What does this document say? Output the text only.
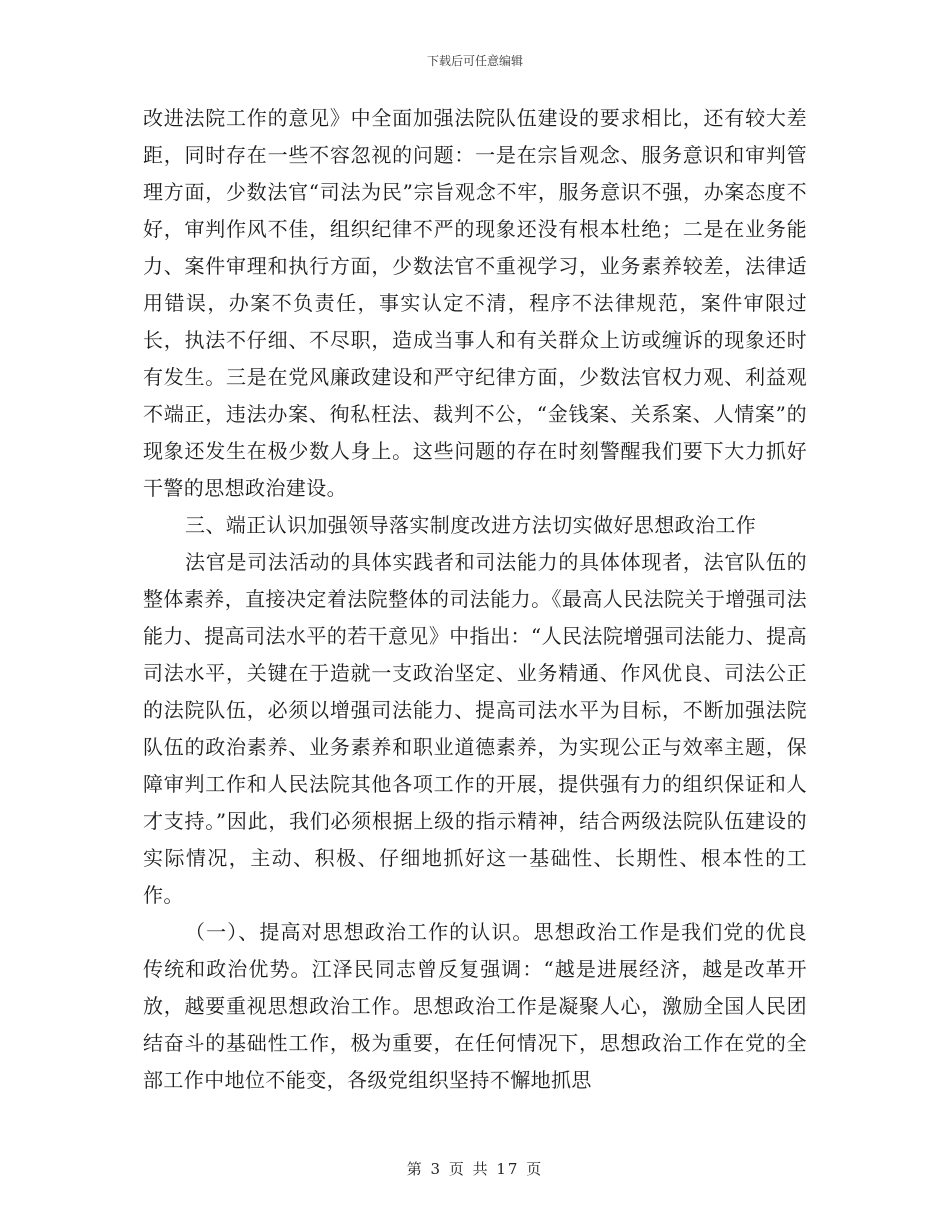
下载后可任意编辑

改进法院工作的意见》中全面加强法院队伍建设的要求相比，还有较大差距，同时存在一些不容忽视的问题：一是在宗旨观念、服务意识和审判管理方面，少数法官“司法为民”宗旨观念不牢，服务意识不强，办案态度不好，审判作风不佳，组织纪律不严的现象还没有根本杜绝；二是在业务能力、案件审理和执行方面，少数法官不重视学习，业务素养较差，法律适用错误，办案不负责任，事实认定不清，程序不法律规范，案件审限过长，执法不仔细、不尽职，造成当事人和有关群众上访或缠诉的现象还时有发生。三是在党风廉政建设和严守纪律方面，少数法官权力观、利益观不端正，违法办案、徇私枉法、裁判不公，“金钱案、关系案、人情案”的现象还发生在极少数人身上。这些问题的存在时刻警醒我们要下大力抓好干警的思想政治建设。

三、端正认识加强领导落实制度改进方法切实做好思想政治工作

法官是司法活动的具体实践者和司法能力的具体体现者，法官队伍的整体素养，直接决定着法院整体的司法能力。《最高人民法院关于增强司法能力、提高司法水平的若干意见》中指出：“人民法院增强司法能力、提高司法水平，关键在于造就一支政治坚定、业务精通、作风优良、司法公正的法院队伍，必须以增强司法能力、提高司法水平为目标，不断加强法院队伍的政治素养、业务素养和职业道德素养，为实现公正与效率主题，保障审判工作和人民法院其他各项工作的开展，提供强有力的组织保证和人才支持。”因此，我们必须根据上级的指示精神，结合两级法院队伍建设的实际情况，主动、积极、仔细地抓好这一基础性、长期性、根本性的工作。

（一）、提高对思想政治工作的认识。思想政治工作是我们党的优良传统和政治优势。江泽民同志曾反复强调：“越是进展经济，越是改革开放，越要重视思想政治工作。思想政治工作是凝聚人心，激励全国人民团结奋斗的基础性工作，极为重要，在任何情况下，思想政治工作在党的全部工作中地位不能变，各级党组织坚持不懈地抓思

第 3 页 共 17 页
